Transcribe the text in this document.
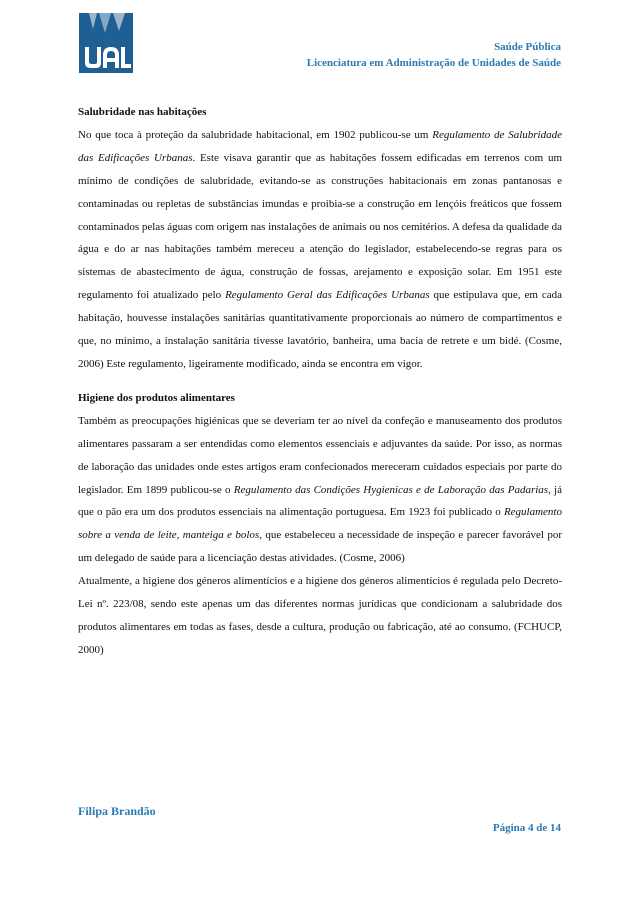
Saúde Pública
Licenciatura em Administração de Unidades de Saúde

Salubridade nas habitações

No que toca à proteção da salubridade habitacional, em 1902 publicou-se um Regulamento de Salubridade das Edificações Urbanas. Este visava garantir que as habitações fossem edificadas em terrenos com um mínimo de condições de salubridade, evitando-se as construções habitacionais em zonas pantanosas e contaminadas ou repletas de substâncias imundas e proibia-se a construção em lençóis freáticos que fossem contaminados pelas águas com origem nas instalações de animais ou nos cemitérios. A defesa da qualidade da água e do ar nas habitações também mereceu a atenção do legislador, estabelecendo-se regras para os sistemas de abastecimento de água, construção de fossas, arejamento e exposição solar. Em 1951 este regulamento foi atualizado pelo Regulamento Geral das Edificações Urbanas que estipulava que, em cada habitação, houvesse instalações sanitárias quantitativamente proporcionais ao número de compartimentos e que, no mínimo, a instalação sanitária tivesse lavatório, banheira, uma bacia de retrete e um bidé. (Cosme, 2006) Este regulamento, ligeiramente modificado, ainda se encontra em vigor.

Higiene dos produtos alimentares

Também as preocupações higiénicas que se deveriam ter ao nível da confeção e manuseamento dos produtos alimentares passaram a ser entendidas como elementos essenciais e adjuvantes da saúde. Por isso, as normas de laboração das unidades onde estes artigos eram confecionados mereceram cuidados especiais por parte do legislador. Em 1899 publicou-se o Regulamento das Condições Hygienicas e de Laboração das Padarias, já que o pão era um dos produtos essenciais na alimentação portuguesa. Em 1923 foi publicado o Regulamento sobre a venda de leite, manteiga e bolos, que estabeleceu a necessidade de inspeção e parecer favorável por um delegado de saúde para a licenciação destas atividades. (Cosme, 2006)

Atualmente, a higiene dos géneros alimentícios e a higiene dos géneros alimentícios é regulada pelo Decreto-Lei nº. 223/08, sendo este apenas um das diferentes normas jurídicas que condicionam a salubridade dos produtos alimentares em todas as fases, desde a cultura, produção ou fabricação, até ao consumo. (FCHUCP, 2000)

Filipa Brandão
Página 4 de 14
